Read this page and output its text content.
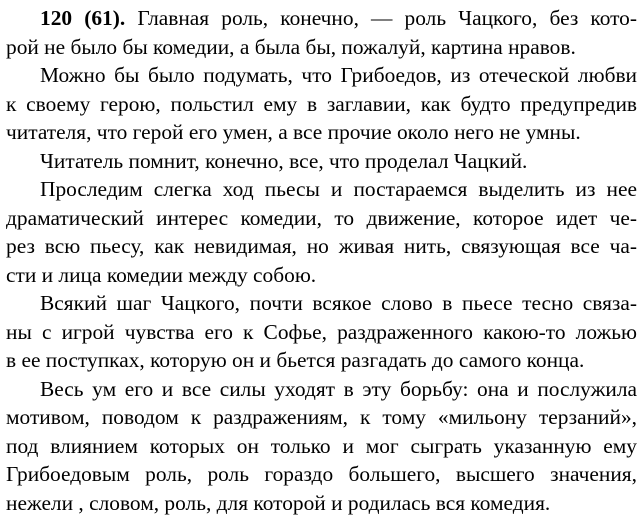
120 (61). Главная роль, конечно, — роль Чацкого, без кото-
рой не было бы комедии, а была бы, пожалуй, картина нравов.
Можно бы было подумать, что Грибоедов, из отеческой любви
к своему герою, польстил ему в заглавии, как будто предупредив
читателя, что герой его умен, а все прочие около него не умны.
Читатель помнит, конечно, все, что проделал Чацкий.
Проследим слегка ход пьесы и постараемся выделить из нее
драматический интерес комедии, то движение, которое идет че-
рез всю пьесу, как невидимая, но живая нить, связующая все ча-
сти и лица комедии между собою.
Всякий шаг Чацкого, почти всякое слово в пьесе тесно связа-
ны с игрой чувства его к Софье, раздраженного какою-то ложью
в ее поступках, которую он и бьется разгадать до самого конца.
Весь ум его и все силы уходят в эту борьбу: она и послужила
мотивом, поводом к раздражениям, к тому «мильону терзаний»,
под влиянием которых он только и мог сыграть указанную ему
Грибоедовым роль, роль гораздо большего, высшего значения,
нежели , словом, роль, для которой и родилась вся комедия.
